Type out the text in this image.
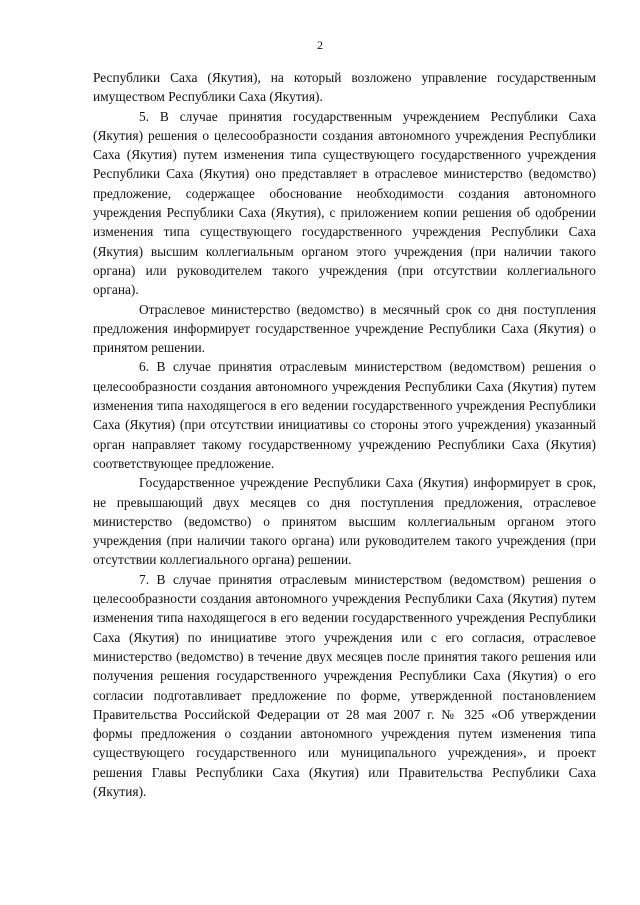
2

Республики Саха (Якутия), на который возложено управление государственным имуществом Республики Саха (Якутия).

5. В случае принятия государственным учреждением Республики Саха (Якутия) решения о целесообразности создания автономного учреждения Республики Саха (Якутия) путем изменения типа существующего государственного учреждения Республики Саха (Якутия) оно представляет в отраслевое министерство (ведомство) предложение, содержащее обоснование необходимости создания автономного учреждения Республики Саха (Якутия), с приложением копии решения об одобрении изменения типа существующего государственного учреждения Республики Саха (Якутия) высшим коллегиальным органом этого учреждения (при наличии такого органа) или руководителем такого учреждения (при отсутствии коллегиального органа).

Отраслевое министерство (ведомство) в месячный срок со дня поступления предложения информирует государственное учреждение Республики Саха (Якутия) о принятом решении.

6. В случае принятия отраслевым министерством (ведомством) решения о целесообразности создания автономного учреждения Республики Саха (Якутия) путем изменения типа находящегося в его ведении государственного учреждения Республики Саха (Якутия) (при отсутствии инициативы со стороны этого учреждения) указанный орган направляет такому государственному учреждению Республики Саха (Якутия) соответствующее предложение.

Государственное учреждение Республики Саха (Якутия) информирует в срок, не превышающий двух месяцев со дня поступления предложения, отраслевое министерство (ведомство) о принятом высшим коллегиальным органом этого учреждения (при наличии такого органа) или руководителем такого учреждения (при отсутствии коллегиального органа) решении.

7. В случае принятия отраслевым министерством (ведомством) решения о целесообразности создания автономного учреждения Республики Саха (Якутия) путем изменения типа находящегося в его ведении государственного учреждения Республики Саха (Якутия) по инициативе этого учреждения или с его согласия, отраслевое министерство (ведомство) в течение двух месяцев после принятия такого решения или получения решения государственного учреждения Республики Саха (Якутия) о его согласии подготавливает предложение по форме, утвержденной постановлением Правительства Российской Федерации от 28 мая 2007 г. № 325 «Об утверждении формы предложения о создании автономного учреждения путем изменения типа существующего государственного или муниципального учреждения», и проект решения Главы Республики Саха (Якутия) или Правительства Республики Саха (Якутия).
